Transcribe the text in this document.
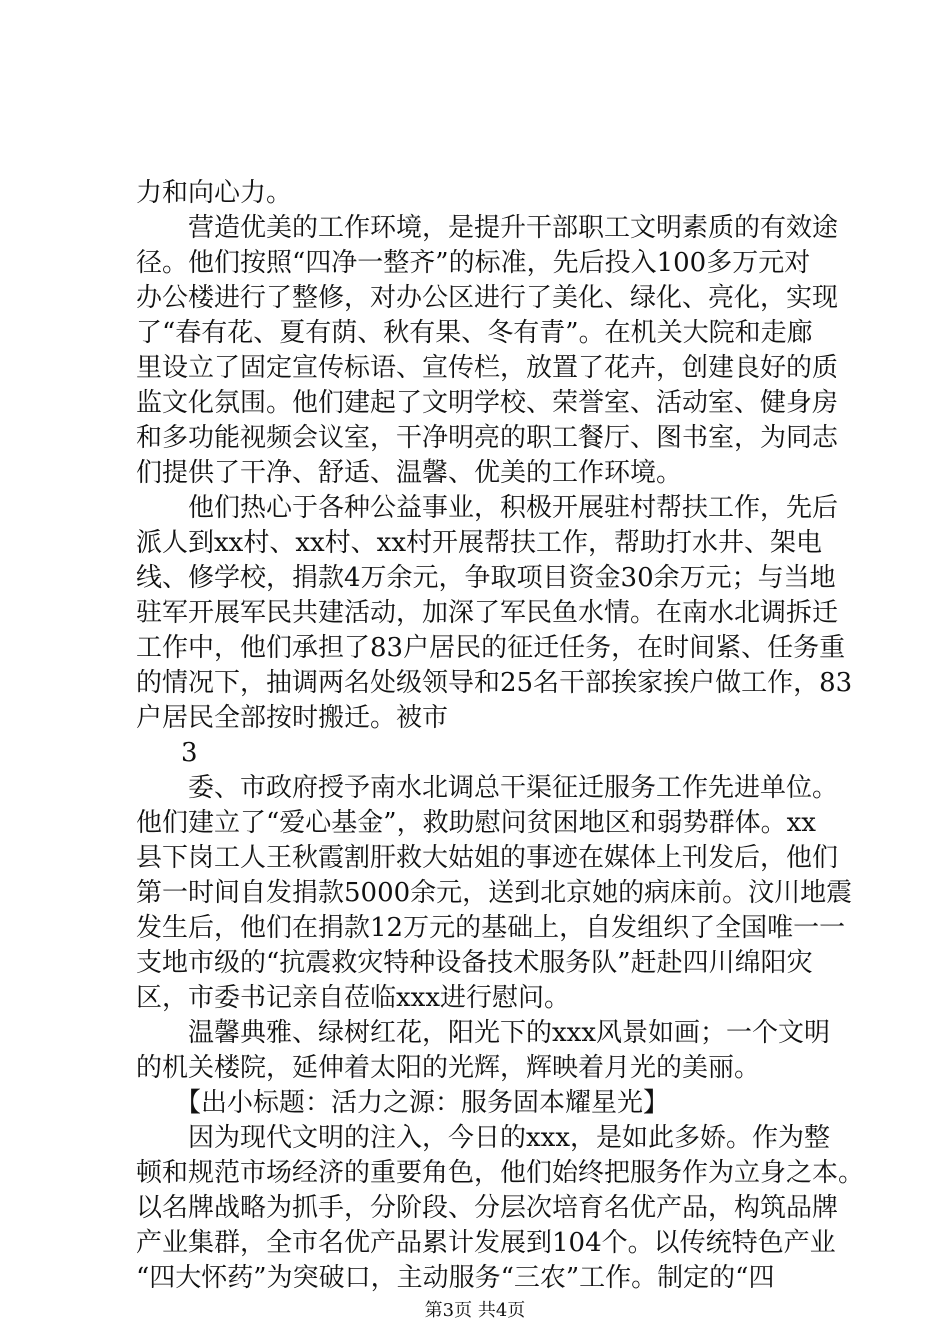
力和向心力。
　　营造优美的工作环境，是提升干部职工文明素质的有效途
径。他们按照“四净一整齐”的标准，先后投入100多万元对
办公楼进行了整修，对办公区进行了美化、绿化、亮化，实现
了“春有花、夏有荫、秋有果、冬有青”。在机关大院和走廊
里设立了固定宣传标语、宣传栏，放置了花卉，创建良好的质
监文化氛围。他们建起了文明学校、荣誉室、活动室、健身房
和多功能视频会议室，干净明亮的职工餐厅、图书室，为同志
们提供了干净、舒适、温馨、优美的工作环境。
　　他们热心于各种公益事业，积极开展驻村帮扶工作，先后
派人到xx村、xx村、xx村开展帮扶工作，帮助打水井、架电
线、修学校，捐款4万余元，争取项目资金30余万元；与当地
驻军开展军民共建活动，加深了军民鱼水情。在南水北调拆迁
工作中，他们承担了83户居民的征迁任务，在时间紧、任务重
的情况下，抽调两名处级领导和25名干部挨家挨户做工作，83
户居民全部按时搬迁。被市
3
　　委、市政府授予南水北调总干渠征迁服务工作先进单位。
他们建立了“爱心基金”，救助慰问贫困地区和弱势群体。xx
县下岗工人王秋霞割肝救大姑姐的事迹在媒体上刊发后，他们
第一时间自发捐款5000余元，送到北京她的病床前。汶川地震
发生后，他们在捐款12万元的基础上，自发组织了全国唯一一
支地市级的“抗震救灾特种设备技术服务队”赶赴四川绵阳灾
区，市委书记亲自莅临xxx进行慰问。
　　温馨典雅、绿树红花，阳光下的xxx风景如画；一个文明
的机关楼院，延伸着太阳的光辉，辉映着月光的美丽。
　　【出小标题：活力之源：服务固本耀星光】
　　因为现代文明的注入，今日的xxx，是如此多娇。作为整
顿和规范市场经济的重要角色，他们始终把服务作为立身之本。
以名牌战略为抓手，分阶段、分层次培育名优产品，构筑品牌
产业集群，全市名优产品累计发展到104个。以传统特色产业
“四大怀药”为突破口，主动服务“三农”工作。制定的“四
第3页 共4页
